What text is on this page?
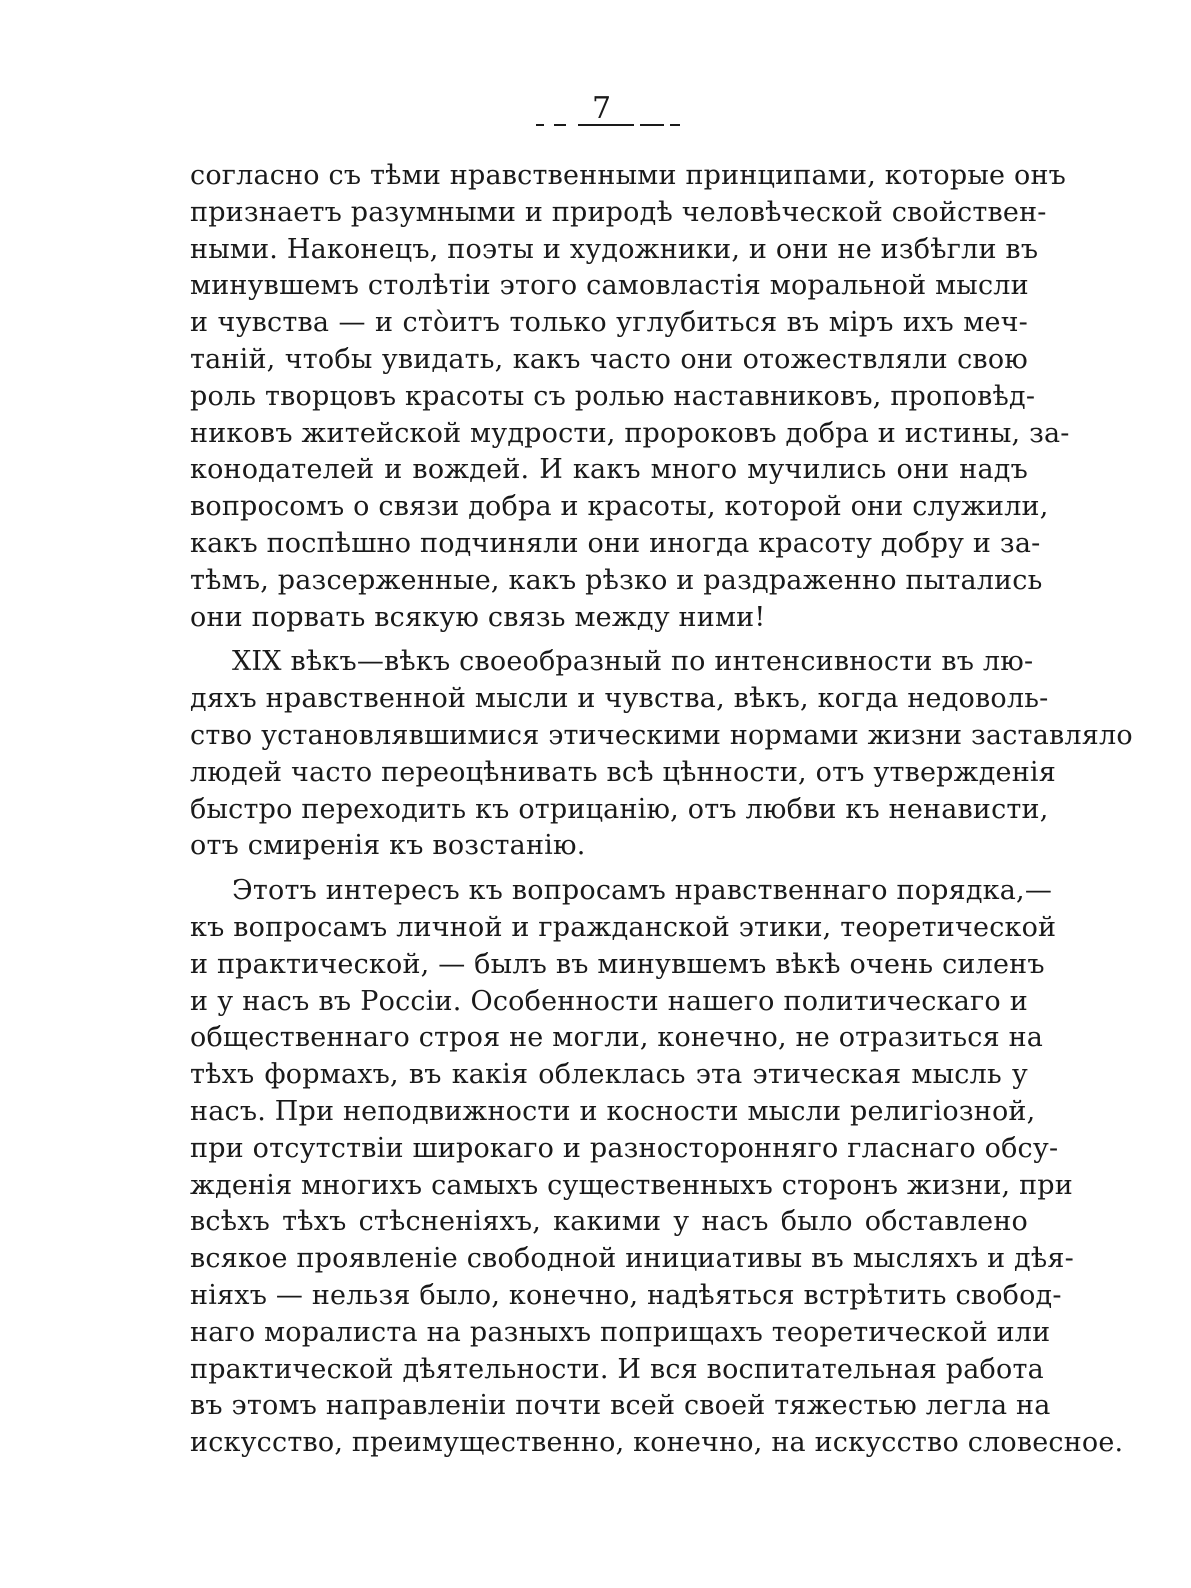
7
согласно съ тѣми нравственными принципами, которые онъ
признаетъ разумными и природѣ человѣческой свойствен-
ными. Наконецъ, поэты и художники, и они не избѣгли въ
минувшемъ столѣтіи этого самовластія моральной мысли
и чувства — и стòитъ только углубиться въ міръ ихъ меч-
таній, чтобы увидать, какъ часто они отожествляли свою
роль творцовъ красоты съ ролью наставниковъ, проповѣд-
никовъ житейской мудрости, пророковъ добра и истины, за-
конодателей и вождей. И какъ много мучились они надъ
вопросомъ о связи добра и красоты, которой они служили,
какъ поспѣшно подчиняли они иногда красоту добру и за-
тѣмъ, разсерженные, какъ рѣзко и раздраженно пытались
они порвать всякую связь между ними!
XIX вѣкъ—вѣкъ своеобразный по интенсивности въ лю-
дяхъ нравственной мысли и чувства, вѣкъ, когда недоволь-
ство установлявшимися этическими нормами жизни заставляло
людей часто переоцѣнивать всѣ цѣнности, отъ утвержденія
быстро переходить къ отрицанію, отъ любви къ ненависти,
отъ смиренія къ возстанію.
Этотъ интересъ къ вопросамъ нравственнаго порядка,—
къ вопросамъ личной и гражданской этики, теоретической
и практической, — былъ въ минувшемъ вѣкѣ очень силенъ
и у насъ въ Россіи. Особенности нашего политическаго и
общественнаго строя не могли, конечно, не отразиться на
тѣхъ формахъ, въ какія облеклась эта этическая мысль у
насъ. При неподвижности и косности мысли религіозной,
при отсутствіи широкаго и разносторонняго гласнаго обсу-
жденія многихъ самыхъ существенныхъ сторонъ жизни, при
всѣхъ тѣхъ стѣсненіяхъ, какими у насъ было обставлено
всякое проявленіе свободной инициативы въ мысляхъ и дѣя-
ніяхъ — нельзя было, конечно, надѣяться встрѣтить свобод-
наго моралиста на разныхъ поприщахъ теоретической или
практической дѣятельности. И вся воспитательная работа
въ этомъ направленіи почти всей своей тяжестью легла на
искусство, преимущественно, конечно, на искусство словесное.
